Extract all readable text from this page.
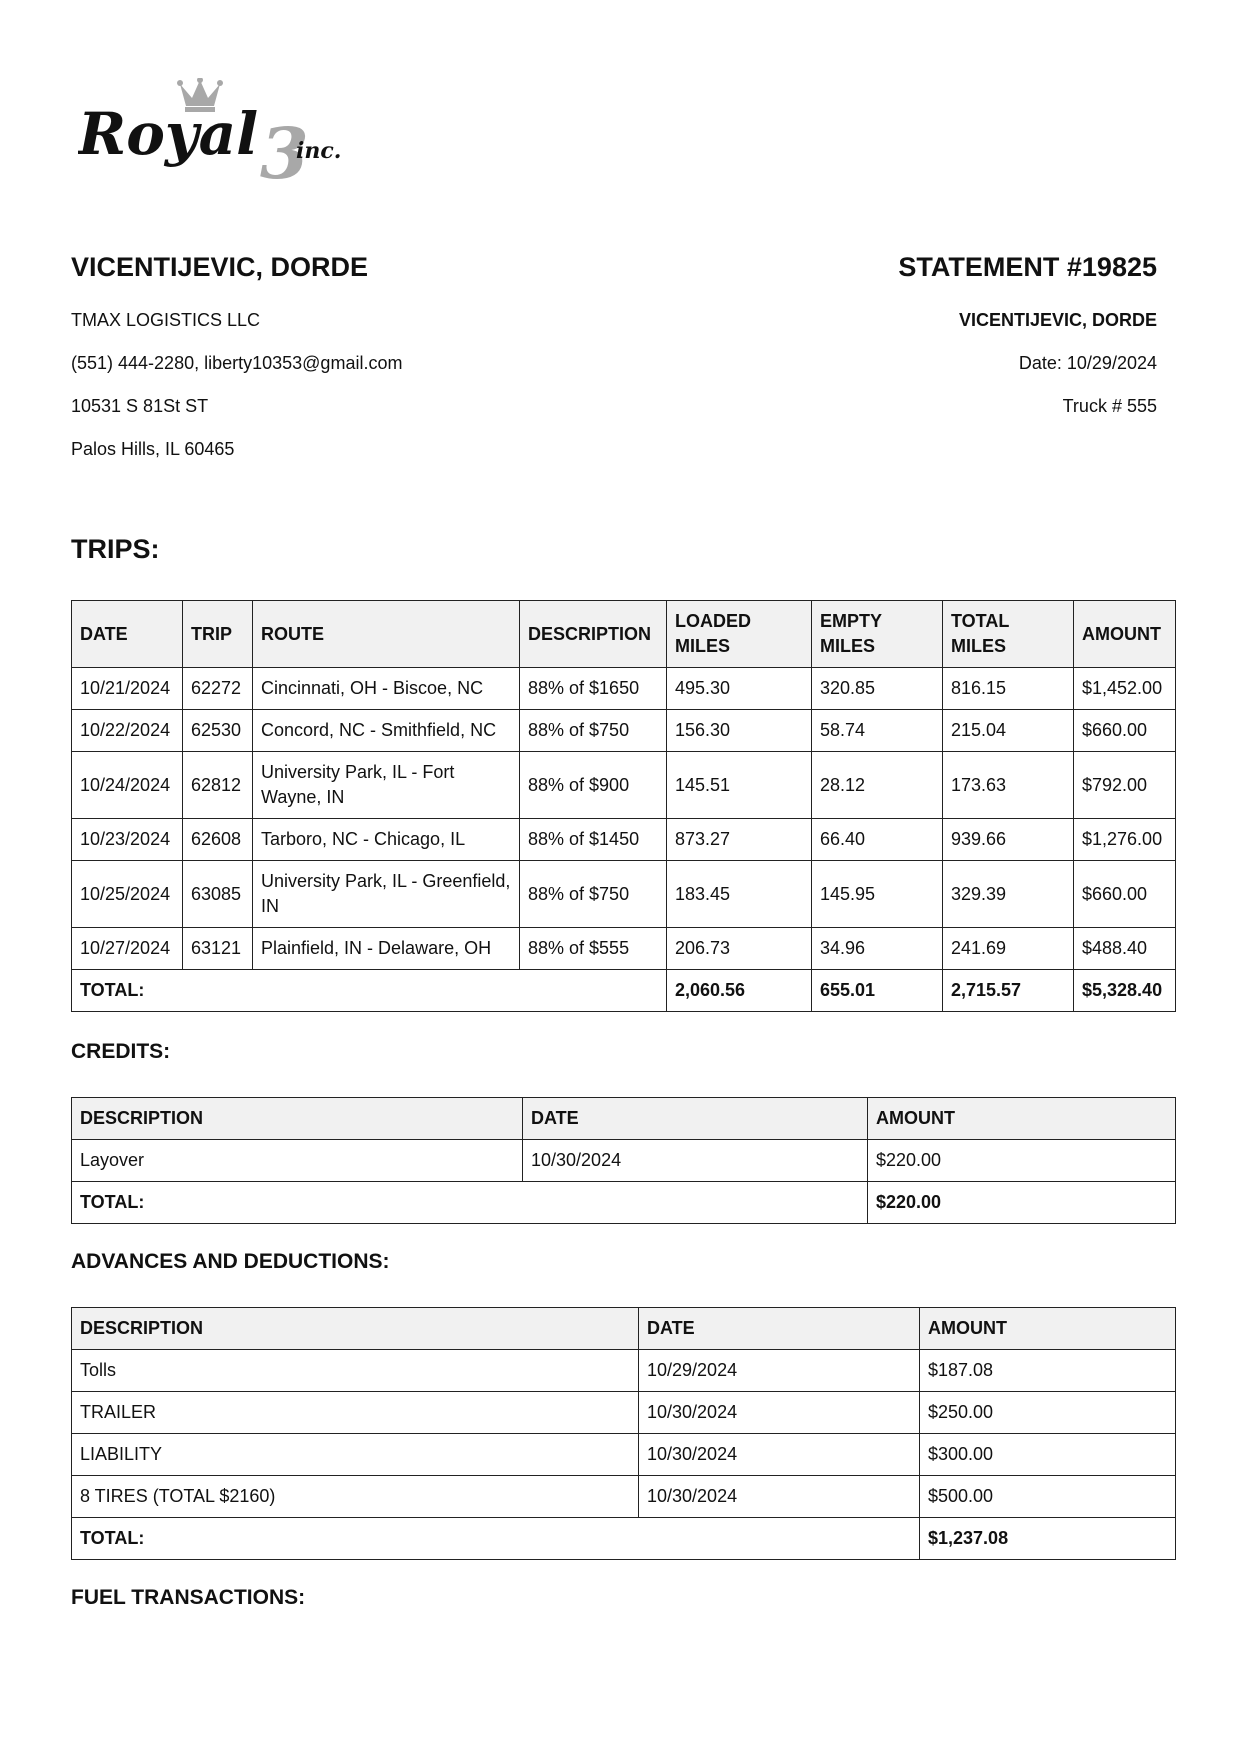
Royal 3
inc.
VICENTIJEVIC, DORDE	STATEMENT #19825
TMAX LOGISTICS LLC
(551) 444-2280, liberty10353@gmail.com
10531 S 81St ST
Palos Hills, IL 60465
VICENTIJEVIC, DORDE
Date: 10/29/2024
Truck # 555
TRIPS:
DATE	TRIP	ROUTE	DESCRIPTION	LOADED MILES	EMPTY MILES	TOTAL MILES	AMOUNT
10/21/2024	62272	Cincinnati, OH - Biscoe, NC	88% of $1650	495.30	320.85	816.15	$1,452.00
10/22/2024	62530	Concord, NC - Smithfield, NC	88% of $750	156.30	58.74	215.04	$660.00
10/24/2024	62812	University Park, IL - Fort Wayne, IN	88% of $900	145.51	28.12	173.63	$792.00
10/23/2024	62608	Tarboro, NC - Chicago, IL	88% of $1450	873.27	66.40	939.66	$1,276.00
10/25/2024	63085	University Park, IL - Greenfield, IN	88% of $750	183.45	145.95	329.39	$660.00
10/27/2024	63121	Plainfield, IN - Delaware, OH	88% of $555	206.73	34.96	241.69	$488.40
TOTAL:				2,060.56	655.01	2,715.57	$5,328.40
CREDITS:
DESCRIPTION	DATE	AMOUNT
Layover	10/30/2024	$220.00
TOTAL:		$220.00
ADVANCES AND DEDUCTIONS:
DESCRIPTION	DATE	AMOUNT
Tolls	10/29/2024	$187.08
TRAILER	10/30/2024	$250.00
LIABILITY	10/30/2024	$300.00
8 TIRES (TOTAL $2160)	10/30/2024	$500.00
TOTAL:		$1,237.08
FUEL TRANSACTIONS:
